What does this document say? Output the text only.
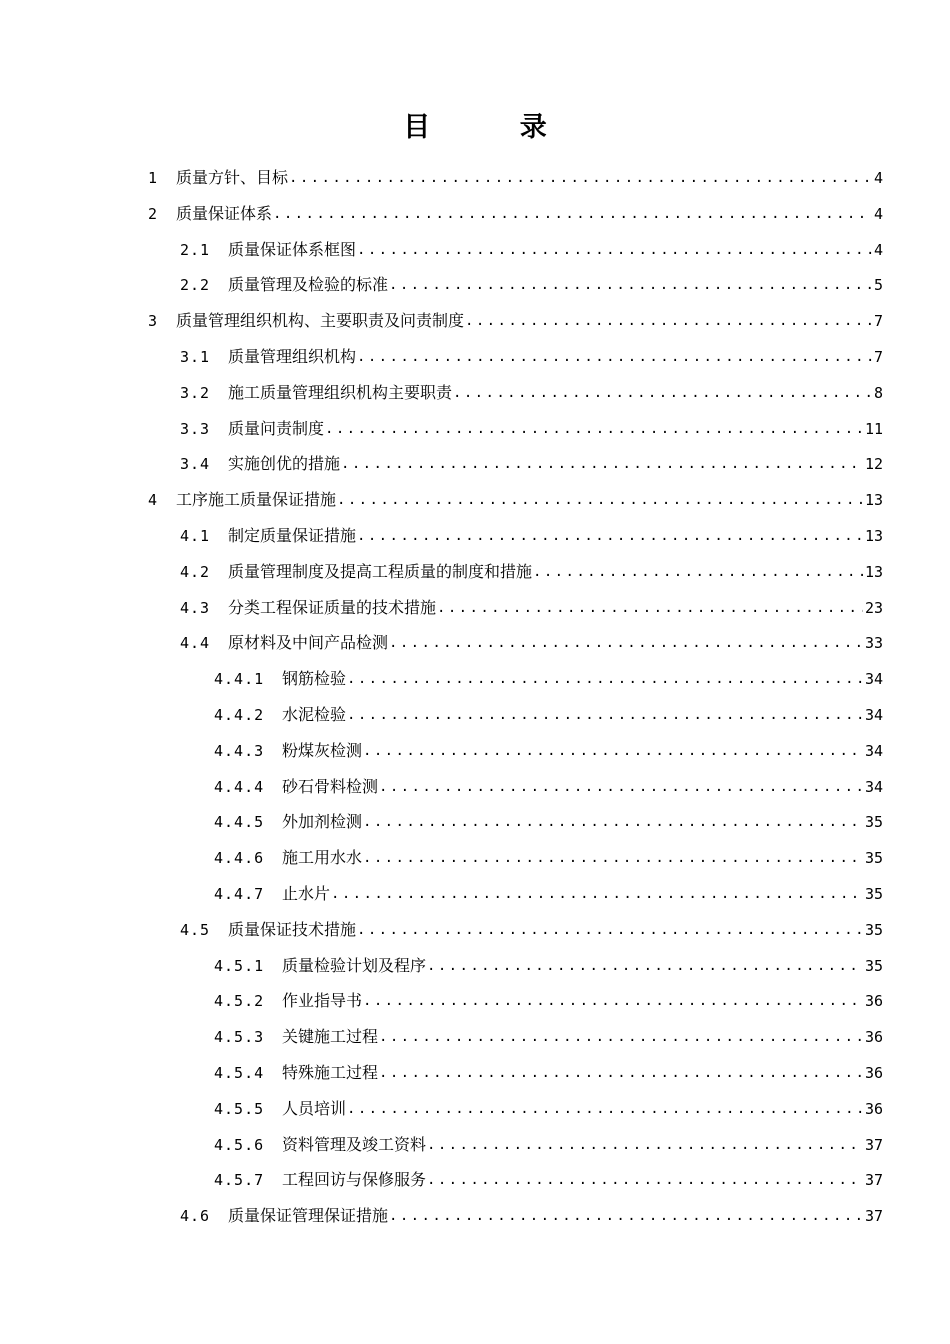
目 录
1	质量方针、目标 .....	4
2	质量保证体系 .....	4
2.1	质量保证体系框图 .....	4
2.2	质量管理及检验的标准 .....	5
3	质量管理组织机构、主要职责及问责制度 .....	7
3.1	质量管理组织机构 .....	7
3.2	施工质量管理组织机构主要职责 .....	8
3.3	质量问责制度 .....	11
3.4	实施创优的措施 .....	12
4	工序施工质量保证措施 .....	13
4.1	制定质量保证措施 .....	13
4.2	质量管理制度及提高工程质量的制度和措施 .....	13
4.3	分类工程保证质量的技术措施 .....	23
4.4	原材料及中间产品检测 .....	33
4.4.1	钢筋检验 .....	34
4.4.2	水泥检验 .....	34
4.4.3	粉煤灰检测 .....	34
4.4.4	砂石骨料检测 .....	34
4.4.5	外加剂检测 .....	35
4.4.6	施工用水水 .....	35
4.4.7	止水片 .....	35
4.5	质量保证技术措施 .....	35
4.5.1	质量检验计划及程序 .....	35
4.5.2	作业指导书 .....	36
4.5.3	关键施工过程 .....	36
4.5.4	特殊施工过程 .....	36
4.5.5	人员培训 .....	36
4.5.6	资料管理及竣工资料 .....	37
4.5.7	工程回访与保修服务 .....	37
4.6	质量保证管理保证措施 .....	37
